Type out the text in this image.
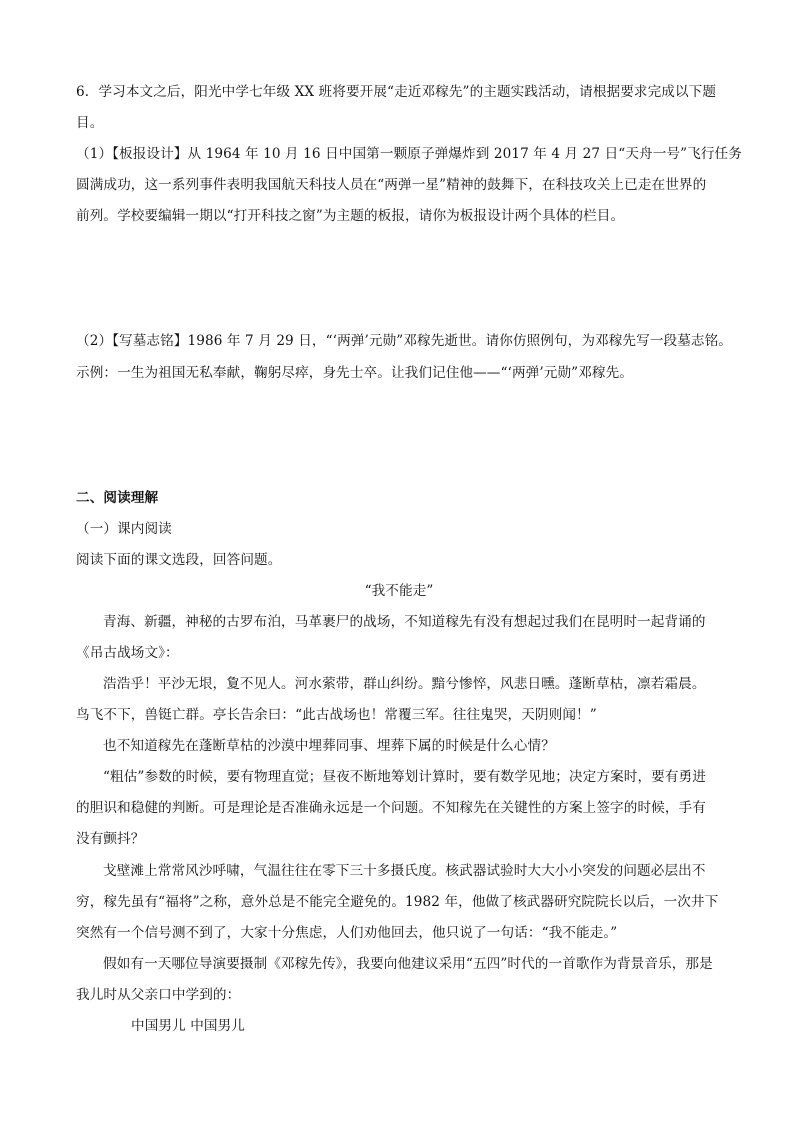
6．学习本文之后，阳光中学七年级 XX 班将要开展“走近邓稼先”的主题实践活动，请根据要求完成以下题
目。
（1）【板报设计】从 1964 年 10 月 16 日中国第一颗原子弹爆炸到 2017 年 4 月 27 日“天舟一号”飞行任务
圆满成功，这一系列事件表明我国航天科技人员在“两弹一星”精神的鼓舞下，在科技攻关上已走在世界的
前列。学校要编辑一期以“打开科技之窗”为主题的板报，请你为板报设计两个具体的栏目。
（2）【写墓志铭】1986 年 7 月 29 日，“‘两弹’元勋”邓稼先逝世。请你仿照例句，为邓稼先写一段墓志铭。
示例：一生为祖国无私奉献，鞠躬尽瘁，身先士卒。让我们记住他——“‘两弹’元勋”邓稼先。
二、阅读理解
（一）课内阅读
阅读下面的课文选段，回答问题。
“我不能走”
青海、新疆，神秘的古罗布泊，马革裹尸的战场，不知道稼先有没有想起过我们在昆明时一起背诵的
《吊古战场文》：
浩浩乎！平沙无垠，夐不见人。河水萦带，群山纠纷。黯兮惨悴，风悲日曛。蓬断草枯，凛若霜晨。
鸟飞不下，兽铤亡群。亭长告余曰：“此古战场也！常覆三军。往往鬼哭，天阴则闻！”
也不知道稼先在蓬断草枯的沙漠中埋葬同事、埋葬下属的时候是什么心情？
“粗估”参数的时候，要有物理直觉；昼夜不断地筹划计算时，要有数学见地；决定方案时，要有勇进
的胆识和稳健的判断。可是理论是否准确永远是一个问题。不知稼先在关键性的方案上签字的时候，手有
没有颤抖？
戈壁滩上常常风沙呼啸，气温往往在零下三十多摄氏度。核武器试验时大大小小突发的问题必层出不
穷，稼先虽有“福将”之称，意外总是不能完全避免的。1982 年，他做了核武器研究院院长以后，一次井下
突然有一个信号测不到了，大家十分焦虑，人们劝他回去，他只说了一句话：“我不能走。”
假如有一天哪位导演要摄制《邓稼先传》，我要向他建议采用“五四”时代的一首歌作为背景音乐，那是
我儿时从父亲口中学到的：
中国男儿 中国男儿
